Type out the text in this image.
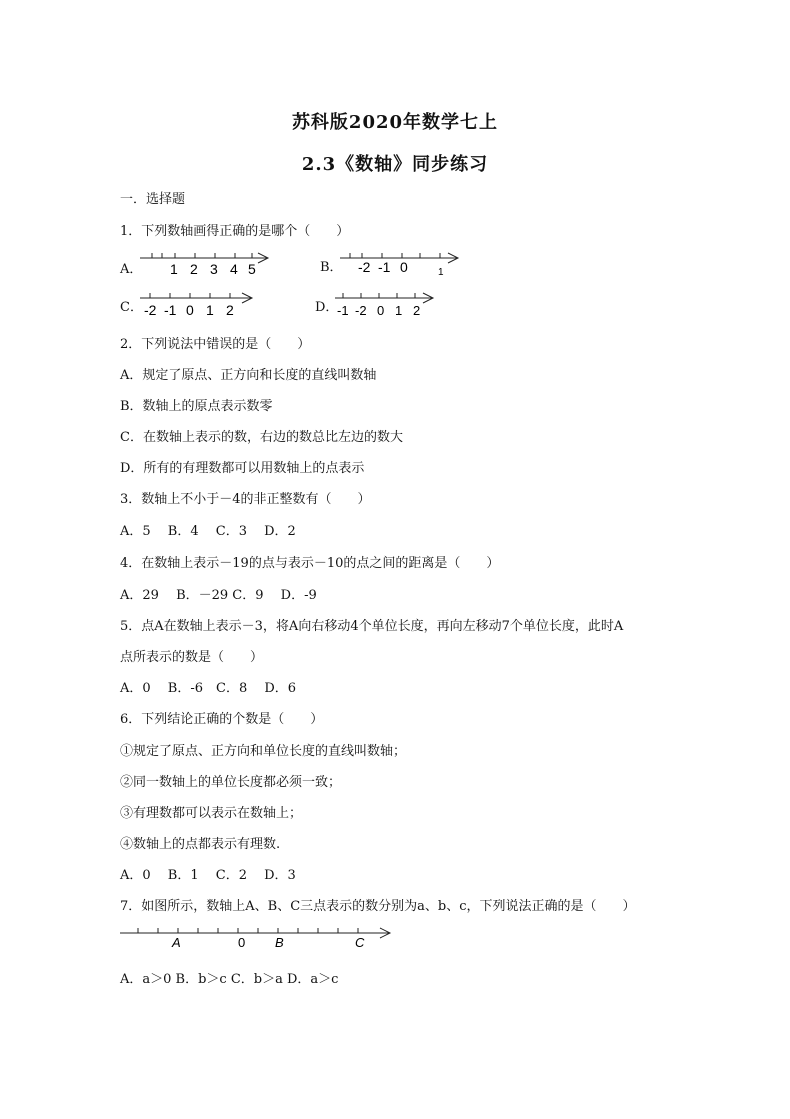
苏科版2020年数学七上
2.3《数轴》同步练习
一．选择题
1．下列数轴画得正确的是哪个（　　）
A． 1 2 3 4 5	B． -2 -1 0	1
C． -2 -1 0 1 2	D．
-1 -2 0 1 2
2．下列说法中错误的是（　　）
A．规定了原点、正方向和长度的直线叫数轴
B．数轴上的原点表示数零
C．在数轴上表示的数，右边的数总比左边的数大
D．所有的有理数都可以用数轴上的点表示
3．数轴上不小于－4的非正整数有（　　）
A．5　 B．4　 C．3　 D．2
4．在数轴上表示－19的点与表示－10的点之间的距离是（　　）
A．29　 B．－29 C．9　 D．-9
5．点A在数轴上表示－3，将A向右移动4个单位长度，再向左移动7个单位长度，此时A
点所表示的数是（　　）
A．0　 B．-6　C．8　 D．6
6．下列结论正确的个数是（　　）
①规定了原点、正方向和单位长度的直线叫数轴；
②同一数轴上的单位长度都必须一致；
③有理数都可以表示在数轴上；
④数轴上的点都表示有理数.
A．0　 B．1　 C．2　 D．3
7．如图所示，数轴上A、B、C三点表示的数分别为a、b、c，下列说法正确的是（　　）
A	0 B	C
A．a＞0 B．b＞c C．b＞a D．a＞c
